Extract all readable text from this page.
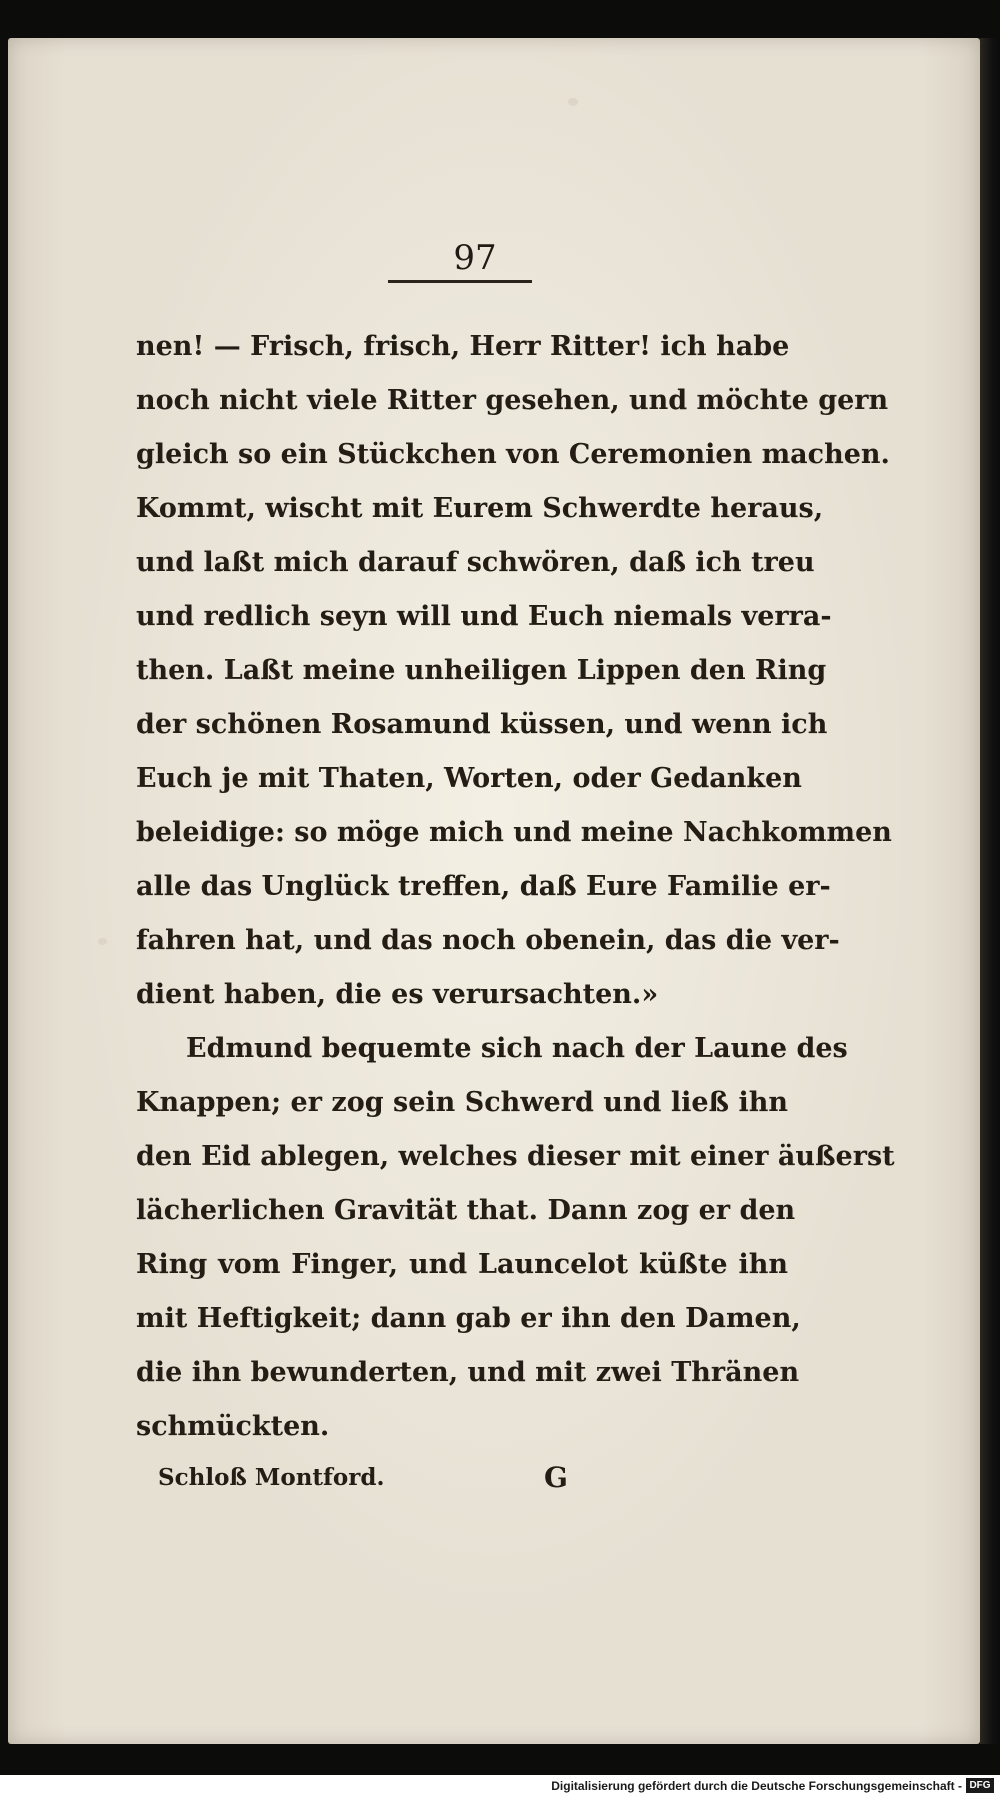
97
nen! — Frisch, frisch, Herr Ritter! ich habe
noch nicht viele Ritter gesehen, und möchte gern
gleich so ein Stückchen von Ceremonien machen.
Kommt, wischt mit Eurem Schwerdte heraus,
und laßt mich darauf schwören, daß ich treu
und redlich seyn will und Euch niemals verra-
then. Laßt meine unheiligen Lippen den Ring
der schönen Rosamund küssen, und wenn ich
Euch je mit Thaten, Worten, oder Gedanken
beleidige: so möge mich und meine Nachkommen
alle das Unglück treffen, daß Eure Familie er-
fahren hat, und das noch obenein, das die ver-
dient haben, die es verursachten.»
Edmund bequemte sich nach der Laune des
Knappen; er zog sein Schwerd und ließ ihn
den Eid ablegen, welches dieser mit einer äußerst
lächerlichen Gravität that. Dann zog er den
Ring vom Finger, und Launcelot küßte ihn
mit Heftigkeit; dann gab er ihn den Damen,
die ihn bewunderten, und mit zwei Thränen
schmückten.
Schloß Montford.	G
Digitalisierung gefördert durch die Deutsche Forschungsgemeinschaft - DFG
